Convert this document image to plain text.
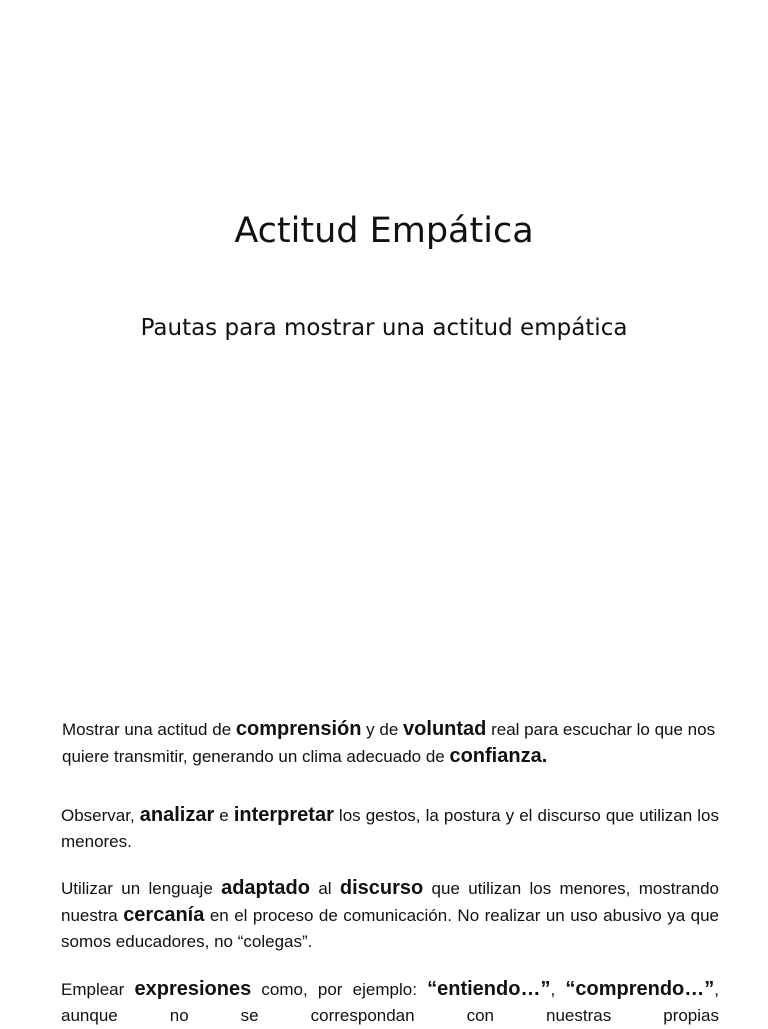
Actitud Empática

Pautas para mostrar una actitud empática

Mostrar una actitud de comprensión y de voluntad real para escuchar lo que nos quiere transmitir, generando un clima adecuado de confianza.

Observar, analizar e interpretar los gestos, la postura y el discurso que utilizan los menores.

Utilizar un lenguaje adaptado al discurso que utilizan los menores, mostrando nuestra cercanía en el proceso de comunicación. No realizar un uso abusivo ya que somos educadores, no “colegas”.

Emplear expresiones como, por ejemplo: “entiendo…”, “comprendo…”, aunque no se correspondan con nuestras propias
